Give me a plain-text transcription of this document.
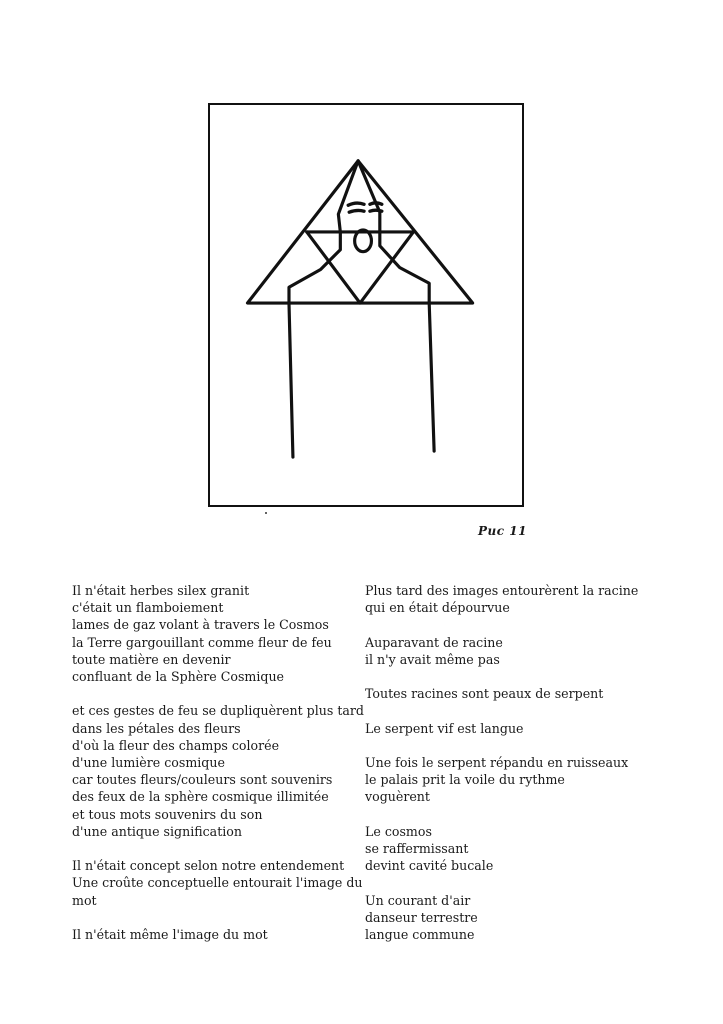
Puc 11
Il n'était herbes silex granit
c'était un flamboiement
lames de gaz volant à travers le Cosmos
la Terre gargouillant comme fleur de feu
toute matière en devenir
confluant de la Sphère Cosmique
et ces gestes de feu se dupliquèrent plus tard
dans les pétales des fleurs
d'où la fleur des champs colorée
d'une lumière cosmique
car toutes fleurs/couleurs sont souvenirs
des feux de la sphère cosmique illimitée
et tous mots souvenirs du son
d'une antique signification
Il n'était concept selon notre entendement
Une croûte conceptuelle entourait l'image du
mot
Il n'était même l'image du mot
Plus tard des images entourèrent la racine
qui en était dépourvue
Auparavant de racine
il n'y avait même pas
Toutes racines sont peaux de serpent
Le serpent vif est langue
Une fois le serpent répandu en ruisseaux
le palais prit la voile du rythme
voguèrent
Le cosmos
se raffermissant
devint cavité bucale
Un courant d'air
danseur terrestre
langue commune
